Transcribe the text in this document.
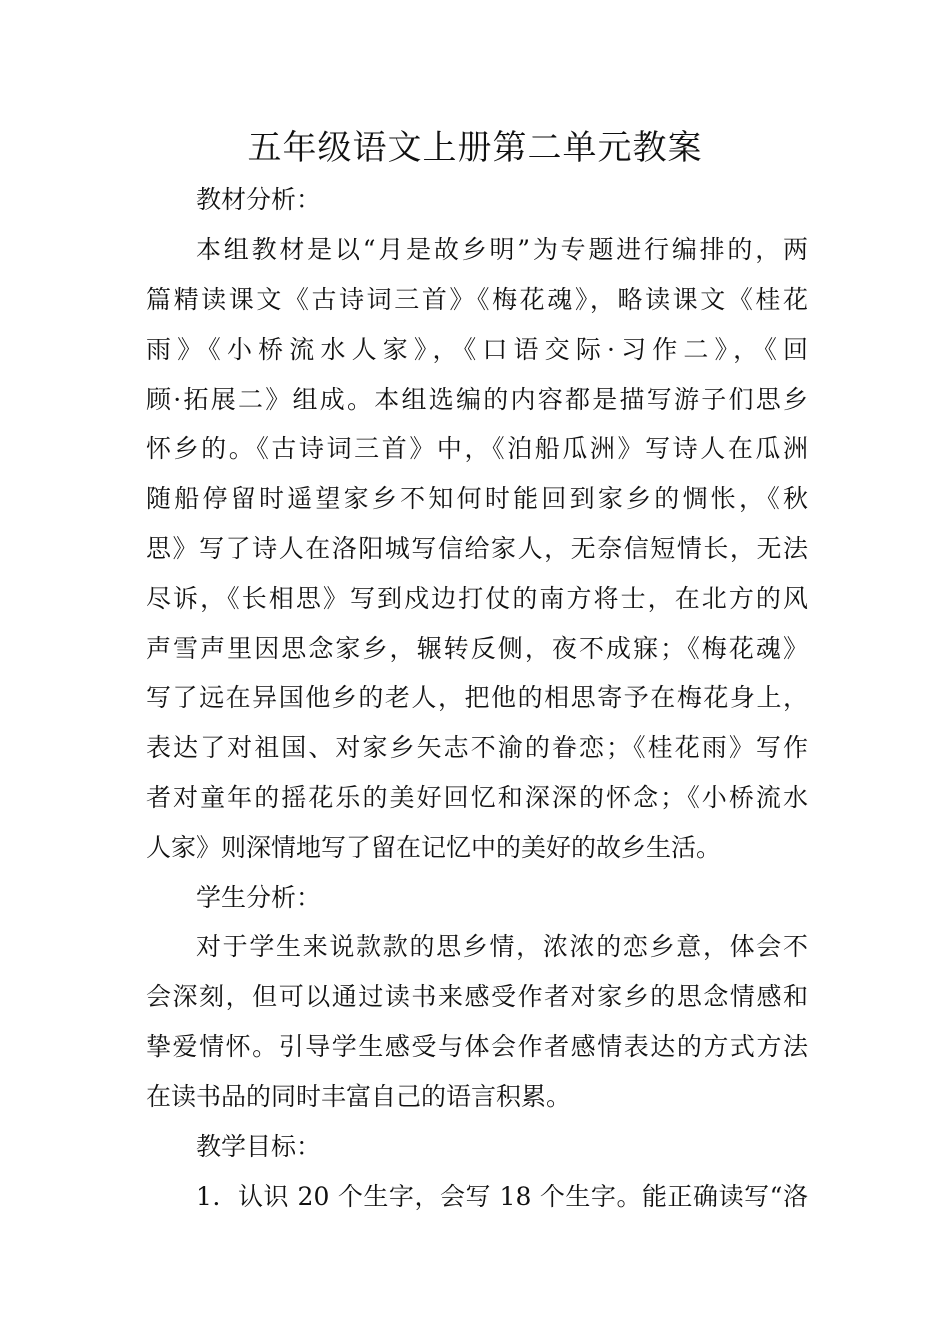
五年级语文上册第二单元教案

教材分析：

本组教材是以“月是故乡明”为专题进行编排的，两

篇精读课文《古诗词三首》《梅花魂》，略读课文《桂花

雨》《小桥流水人家》，《口语交际·习作二》，《回

顾·拓展二》组成。本组选编的内容都是描写游子们思乡

怀乡的。《古诗词三首》中，《泊船瓜洲》写诗人在瓜洲

随船停留时遥望家乡不知何时能回到家乡的惆怅，《秋

思》写了诗人在洛阳城写信给家人，无奈信短情长，无法

尽诉，《长相思》写到戍边打仗的南方将士，在北方的风

声雪声里因思念家乡，辗转反侧，夜不成寐；《梅花魂》

写了远在异国他乡的老人，把他的相思寄予在梅花身上，

表达了对祖国、对家乡矢志不渝的眷恋；《桂花雨》写作

者对童年的摇花乐的美好回忆和深深的怀念；《小桥流水

人家》则深情地写了留在记忆中的美好的故乡生活。

学生分析：

对于学生来说款款的思乡情，浓浓的恋乡意，体会不

会深刻，但可以通过读书来感受作者对家乡的思念情感和

挚爱情怀。引导学生感受与体会作者感情表达的方式方法

在读书品的同时丰富自己的语言积累。

教学目标：

1．认识 20 个生字，会写 18 个生字。能正确读写“洛
